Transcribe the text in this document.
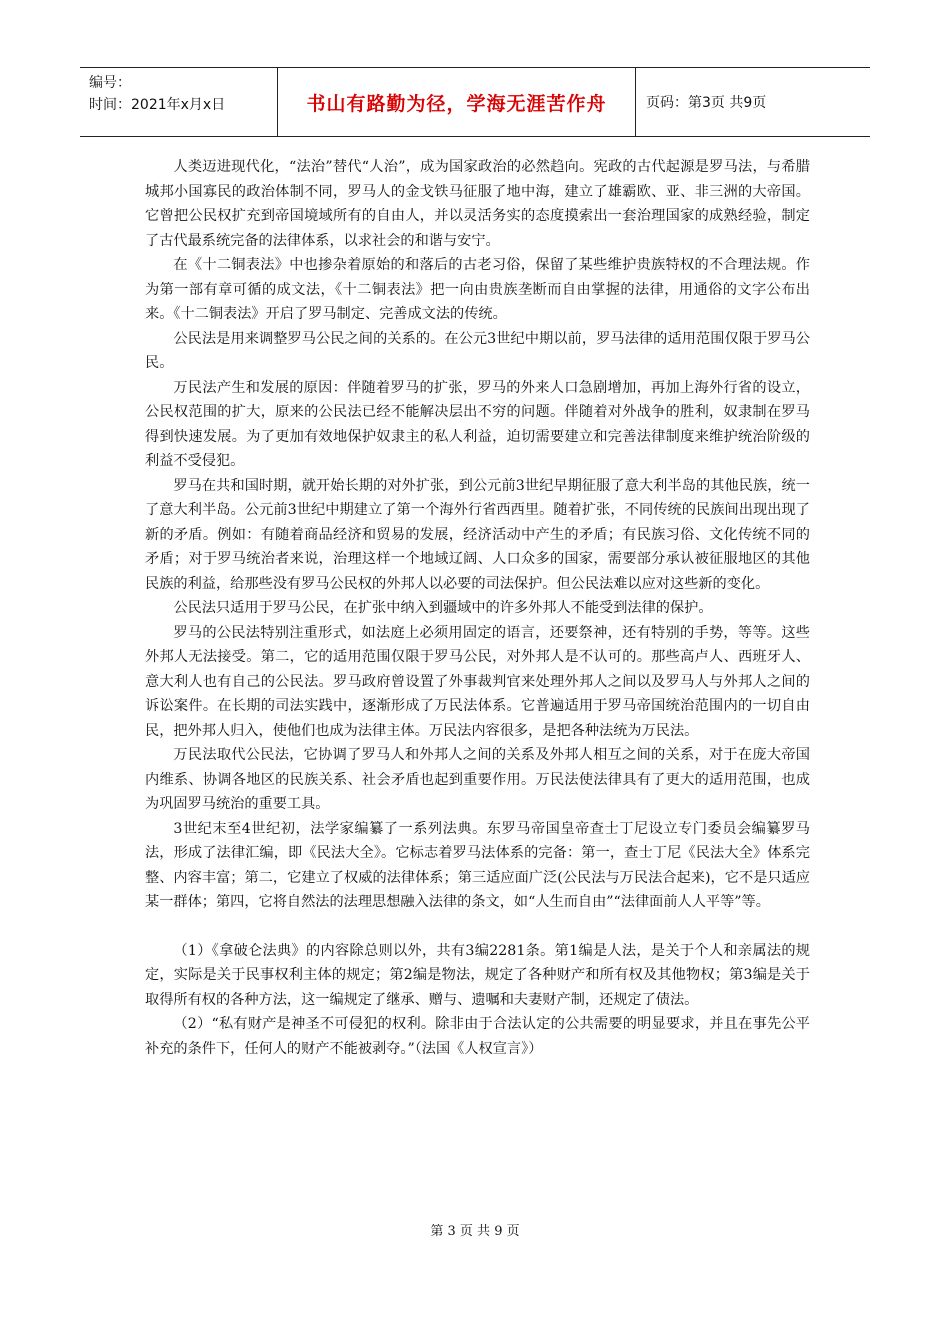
编号：
时间：2021年x月x日	书山有路勤为径，学海无涯苦作舟	页码：第3页 共9页

人类迈进现代化，“法治”替代“人治”，成为国家政治的必然趋向。宪政的古代起源是罗马法，与希腊城邦小国寡民的政治体制不同，罗马人的金戈铁马征服了地中海，建立了雄霸欧、亚、非三洲的大帝国。它曾把公民权扩充到帝国境域所有的自由人，并以灵活务实的态度摸索出一套治理国家的成熟经验，制定了古代最系统完备的法律体系，以求社会的和谐与安宁。

在《十二铜表法》中也掺杂着原始的和落后的古老习俗，保留了某些维护贵族特权的不合理法规。作为第一部有章可循的成文法，《十二铜表法》把一向由贵族垄断而自由掌握的法律，用通俗的文字公布出来。《十二铜表法》开启了罗马制定、完善成文法的传统。

公民法是用来调整罗马公民之间的关系的。在公元3世纪中期以前，罗马法律的适用范围仅限于罗马公民。

万民法产生和发展的原因：伴随着罗马的扩张，罗马的外来人口急剧增加，再加上海外行省的设立，公民权范围的扩大，原来的公民法已经不能解决层出不穷的问题。伴随着对外战争的胜利，奴隶制在罗马得到快速发展。为了更加有效地保护奴隶主的私人利益，迫切需要建立和完善法律制度来维护统治阶级的利益不受侵犯。

罗马在共和国时期，就开始长期的对外扩张，到公元前3世纪早期征服了意大利半岛的其他民族，统一了意大利半岛。公元前3世纪中期建立了第一个海外行省西西里。随着扩张，不同传统的民族间出现出现了新的矛盾。例如：有随着商品经济和贸易的发展，经济活动中产生的矛盾；有民族习俗、文化传统不同的矛盾；对于罗马统治者来说，治理这样一个地域辽阔、人口众多的国家，需要部分承认被征服地区的其他民族的利益，给那些没有罗马公民权的外邦人以必要的司法保护。但公民法难以应对这些新的变化。

公民法只适用于罗马公民，在扩张中纳入到疆域中的许多外邦人不能受到法律的保护。

罗马的公民法特别注重形式，如法庭上必须用固定的语言，还要祭神，还有特别的手势，等等。这些外邦人无法接受。第二，它的适用范围仅限于罗马公民，对外邦人是不认可的。那些高卢人、西班牙人、意大利人也有自己的公民法。罗马政府曾设置了外事裁判官来处理外邦人之间以及罗马人与外邦人之间的诉讼案件。在长期的司法实践中，逐渐形成了万民法体系。它普遍适用于罗马帝国统治范围内的一切自由民，把外邦人归入，使他们也成为法律主体。万民法内容很多，是把各种法统为万民法。

万民法取代公民法，它协调了罗马人和外邦人之间的关系及外邦人相互之间的关系，对于在庞大帝国内维系、协调各地区的民族关系、社会矛盾也起到重要作用。万民法使法律具有了更大的适用范围，也成为巩固罗马统治的重要工具。

3世纪末至4世纪初，法学家编纂了一系列法典。东罗马帝国皇帝查士丁尼设立专门委员会编纂罗马法，形成了法律汇编，即《民法大全》。它标志着罗马法体系的完备：第一，查士丁尼《民法大全》体系完整、内容丰富；第二，它建立了权威的法律体系；第三适应面广泛(公民法与万民法合起来)，它不是只适应某一群体；第四，它将自然法的法理思想融入法律的条文，如“人生而自由”“法律面前人人平等”等。

（1）《拿破仑法典》的内容除总则以外，共有3编2281条。第1编是人法，是关于个人和亲属法的规定，实际是关于民事权利主体的规定；第2编是物法，规定了各种财产和所有权及其他物权；第3编是关于取得所有权的各种方法，这一编规定了继承、赠与、遗嘱和夫妻财产制，还规定了债法。

（2）“私有财产是神圣不可侵犯的权利。除非由于合法认定的公共需要的明显要求，并且在事先公平补充的条件下，任何人的财产不能被剥夺。”（法国《人权宣言》）

第 3 页 共 9 页
